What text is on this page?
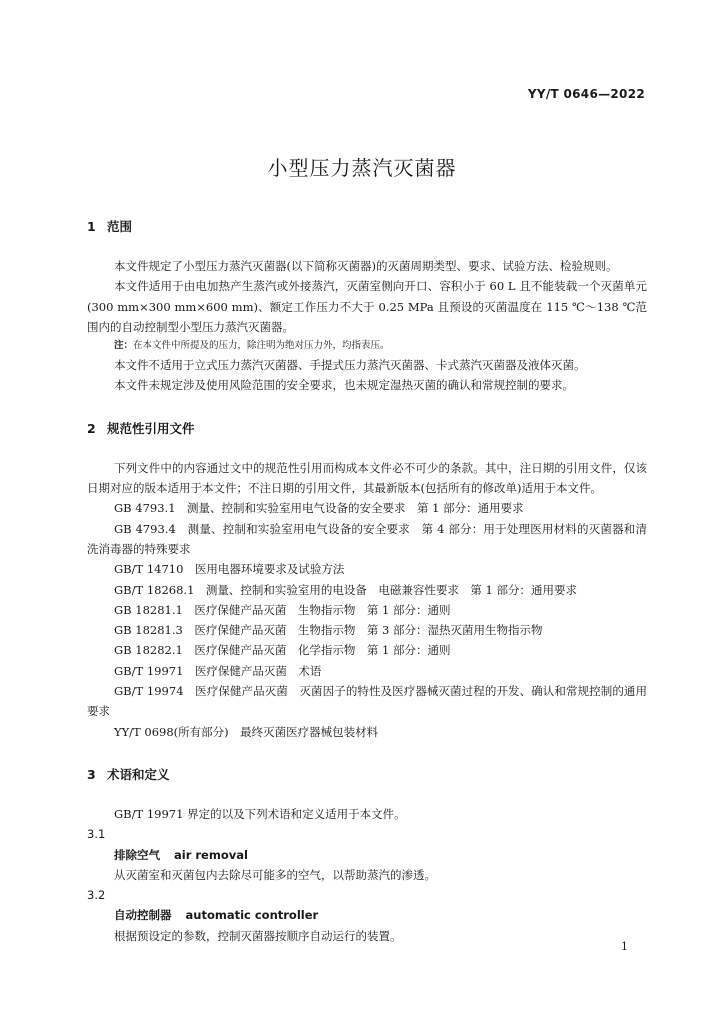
YY/T 0646—2022
小型压力蒸汽灭菌器
1 范围

本文件规定了小型压力蒸汽灭菌器(以下简称灭菌器)的灭菌周期类型、要求、试验方法、检验规则。

本文件适用于由电加热产生蒸汽或外接蒸汽，灭菌室侧向开口、容积小于 60 L 且不能装载一个灭菌单元(300 mm×300 mm×600 mm)、额定工作压力不大于 0.25 MPa 且预设的灭菌温度在 115 ℃～138 ℃范围内的自动控制型小型压力蒸汽灭菌器。

注：在本文件中所提及的压力，除注明为绝对压力外，均指表压。

本文件不适用于立式压力蒸汽灭菌器、手提式压力蒸汽灭菌器、卡式蒸汽灭菌器及液体灭菌。

本文件未规定涉及使用风险范围的安全要求，也未规定湿热灭菌的确认和常规控制的要求。

2 规范性引用文件

下列文件中的内容通过文中的规范性引用而构成本文件必不可少的条款。其中，注日期的引用文件，仅该日期对应的版本适用于本文件；不注日期的引用文件，其最新版本(包括所有的修改单)适用于本文件。

GB 4793.1　测量、控制和实验室用电气设备的安全要求　第 1 部分：通用要求

GB 4793.4　测量、控制和实验室用电气设备的安全要求　第 4 部分：用于处理医用材料的灭菌器和清洗消毒器的特殊要求

GB/T 14710　医用电器环境要求及试验方法

GB/T 18268.1　测量、控制和实验室用的电设备　电磁兼容性要求　第 1 部分：通用要求

GB 18281.1　医疗保健产品灭菌　生物指示物　第 1 部分：通则

GB 18281.3　医疗保健产品灭菌　生物指示物　第 3 部分：湿热灭菌用生物指示物

GB 18282.1　医疗保健产品灭菌　化学指示物　第 1 部分：通则

GB/T 19971　医疗保健产品灭菌　术语

GB/T 19974　医疗保健产品灭菌　灭菌因子的特性及医疗器械灭菌过程的开发、确认和常规控制的通用要求

YY/T 0698(所有部分)　最终灭菌医疗器械包装材料

3 术语和定义

GB/T 19971 界定的以及下列术语和定义适用于本文件。

3.1
排除空气 air removal

从灭菌室和灭菌包内去除尽可能多的空气，以帮助蒸汽的渗透。

3.2
自动控制器 automatic controller

根据预设定的参数，控制灭菌器按顺序自动运行的装置。

1
